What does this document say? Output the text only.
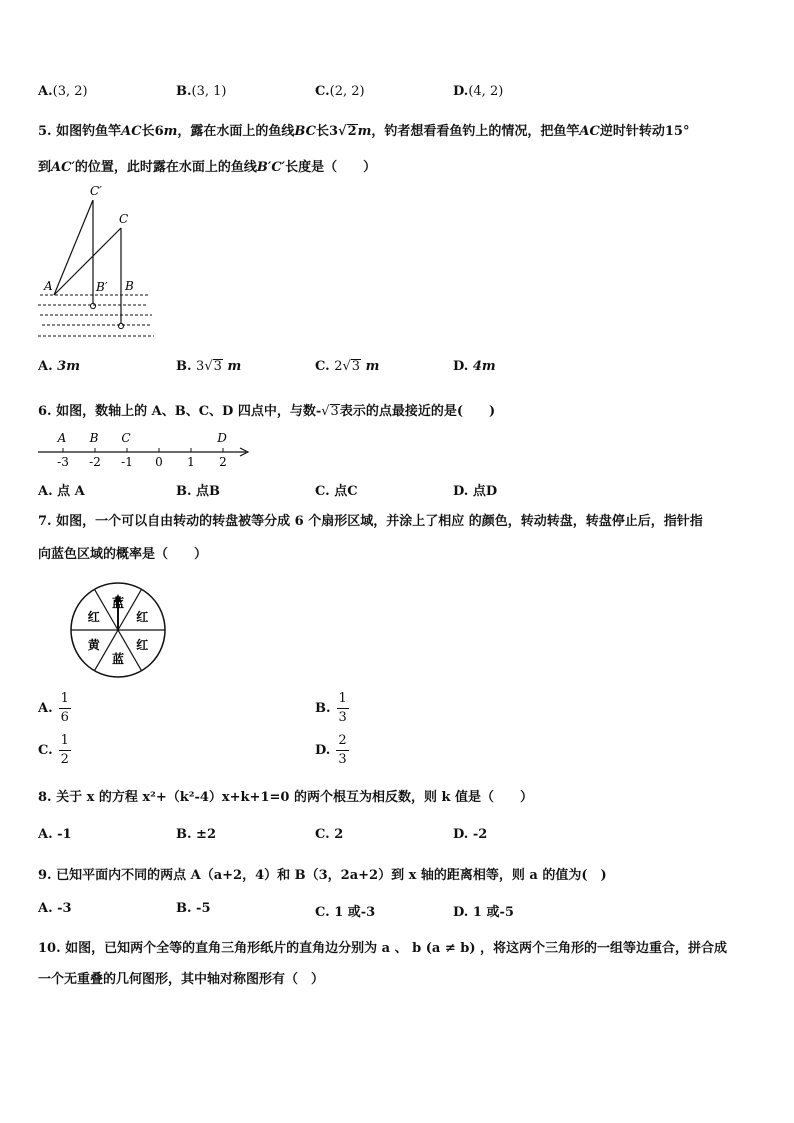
A.(3, 2)	B.(3, 1)	C.(2, 2)	D.(4, 2)
5. 如图钓鱼竿AC长6m，露在水面上的鱼线BC长3√2m，钓者想看看鱼钓上的情况，把鱼竿AC逆时针转动15°
到AC′的位置，此时露在水面上的鱼线B′C′长度是（　　）
C′
C
A	B′ B
A. 3m	B. 3√3 m	C. 2√3 m	D. 4m
6. 如图，数轴上的 A、B、C、D 四点中，与数-√3表示的点最接近的是(　　)
-3 -2 -1 0 1 2
A B C	D
A. 点 A	B. 点B	C. 点C	D. 点D
7. 如图，一个可以自由转动的转盘被等分成 6 个扇形区域，并涂上了相应 的颜色，转动转盘，转盘停止后，指针指
向蓝色区域的概率是（　　）
蓝
红
红
蓝
黄
红
A. $\frac{1}{6}$	B. $\frac{1}{3}$
C. $\frac{1}{2}$	D. $\frac{2}{3}$
8. 关于 x 的方程 x²+（k²-4）x+k+1=0 的两个根互为相反数，则 k 值是（　　）
A. -1	B. ±2	C. 2	D. -2
9. 已知平面内不同的两点 A（a+2，4）和 B（3，2a+2）到 x 轴的距离相等，则 a 的值为(　)
A. -3	B. -5	C. 1 或-3	D. 1 或-5
10. 如图，已知两个全等的直角三角形纸片的直角边分别为 a 、 b (a ≠ b) ，将这两个三角形的一组等边重合，拼合成
一个无重叠的几何图形，其中轴对称图形有（　）
